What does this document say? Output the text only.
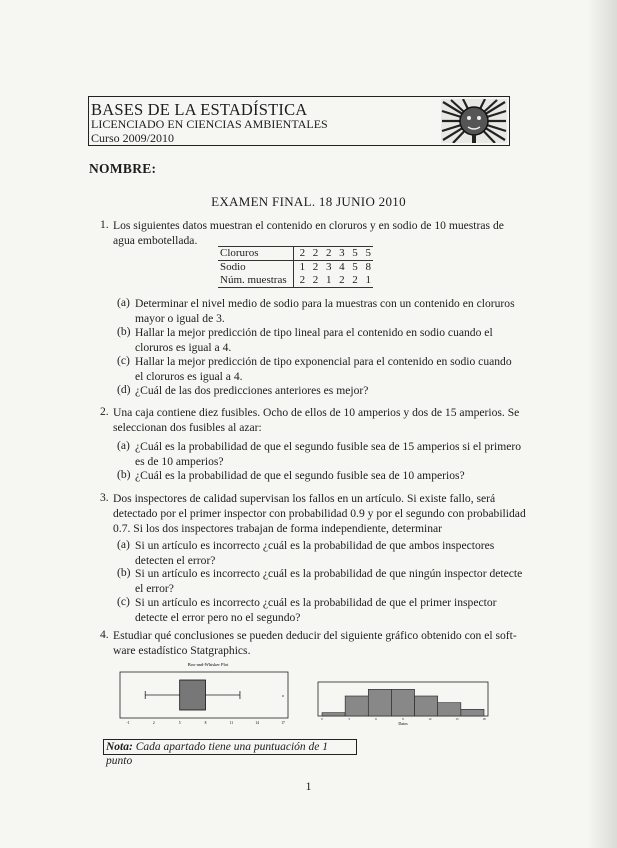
BASES DE LA ESTADÍSTICA
LICENCIADO EN CIENCIAS AMBIENTALES
Curso 2009/2010
NOMBRE:
EXAMEN FINAL. 18 JUNIO 2010
1. Los siguientes datos muestran el contenido en cloruros y en sodio de 10 muestras de
agua embotellada.
Cloruros	2	2	2	3	5	5
Sodio	1	2	3	4	5	8
Núm. muestras	2	2	1	2	2	1
(a) Determinar el nivel medio de sodio para la muestras con un contenido en cloruros
mayor o igual de 3.
(b) Hallar la mejor predicción de tipo lineal para el contenido en sodio cuando el
cloruros es igual a 4.
(c) Hallar la mejor predicción de tipo exponencial para el contenido en sodio cuando
el cloruros es igual a 4.
(d) ¿Cuál de las dos predicciones anteriores es mejor?
2. Una caja contiene diez fusibles. Ocho de ellos de 10 amperios y dos de 15 amperios. Se
seleccionan dos fusibles al azar:
(a) ¿Cuál es la probabilidad de que el segundo fusible sea de 15 amperios si el primero
es de 10 amperios?
(b) ¿Cuál es la probabilidad de que el segundo fusible sea de 10 amperios?
3. Dos inspectores de calidad supervisan los fallos en un artículo. Si existe fallo, será
detectado por el primer inspector con probabilidad 0.9 y por el segundo con probabilidad
0.7. Si los dos inspectores trabajan de forma independiente, determinar
(a) Si un artículo es incorrecto ¿cuál es la probabilidad de que ambos inspectores
detecten el error?
(b) Si un artículo es incorrecto ¿cuál es la probabilidad de que ningún inspector detecte
el error?
(c) Si un artículo es incorrecto ¿cuál es la probabilidad de que el primer inspector
detecte el error pero no el segundo?
4. Estudiar qué conclusiones se pueden deducir del siguiente gráfico obtenido con el soft-
ware estadístico Statgraphics.
Box-and-Whisker Plot
o
-1	2	5	8	11	14	17
0	3	6	9	12	15	18
Datos
Nota: Cada apartado tiene una puntuación de 1 punto
1
